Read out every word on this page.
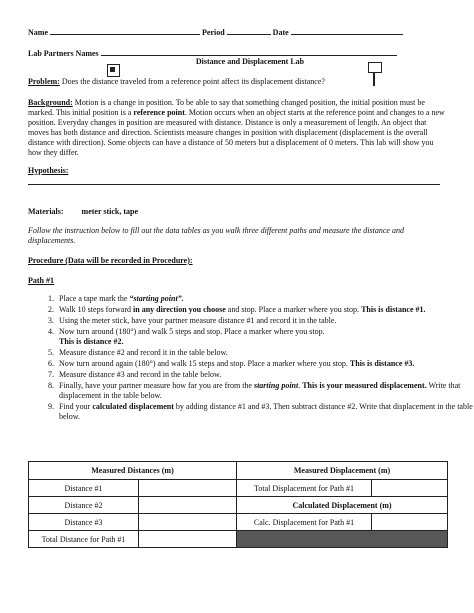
Name	Period	Date
Lab Partners Names
Distance and Displacement Lab
Problem: Does the distance traveled from a reference point affect its displacement distance?
Background: Motion is a change in position. To be able to say that something changed position, the initial position must be marked. This initial position is a reference point. Motion occurs when an object starts at the reference point and changes to a new position. Everyday changes in position are measured with distance. Distance is only a measurement of length. An object that moves has both distance and direction. Scientists measure changes in position with displacement (displacement is the overall distance with direction). Some objects can have a distance of 50 meters but a displacement of 0 meters. This lab will show you how they differ.
Hypothesis:
Materials: meter stick, tape
Follow the instruction below to fill out the data tables as you walk three different paths and measure the distance and displacements.
Procedure (Data will be recorded in Procedure):
Path #1
1. Place a tape mark the “starting point”.
2. Walk 10 steps forward in any direction you choose and stop. Place a marker where you stop. This is distance #1.
3. Using the meter stick, have your partner measure distance #1 and record it in the table.
4. Now turn around (180°) and walk 5 steps and stop. Place a marker where you stop.
This is distance #2.
5. Measure distance #2 and record it in the table below.
6. Now turn around again (180°) and walk 15 steps and stop. Place a marker where you stop. This is distance #3.
7. Measure distance #3 and record in the table below.
8. Finally, have your partner measure how far you are from the starting point. This is your measured displacement. Write that displacement in the table below.
9. Find your calculated displacement by adding distance #1 and #3. Then subtract distance #2. Write that displacement in the table below.
Measured Distances (m)		Measured Displacement (m)	
Distance #1		Total Displacement for Path #1	
Distance #2		Calculated Displacement (m)	
Distance #3		Calc. Displacement for Path #1	
Total Distance for Path #1			
